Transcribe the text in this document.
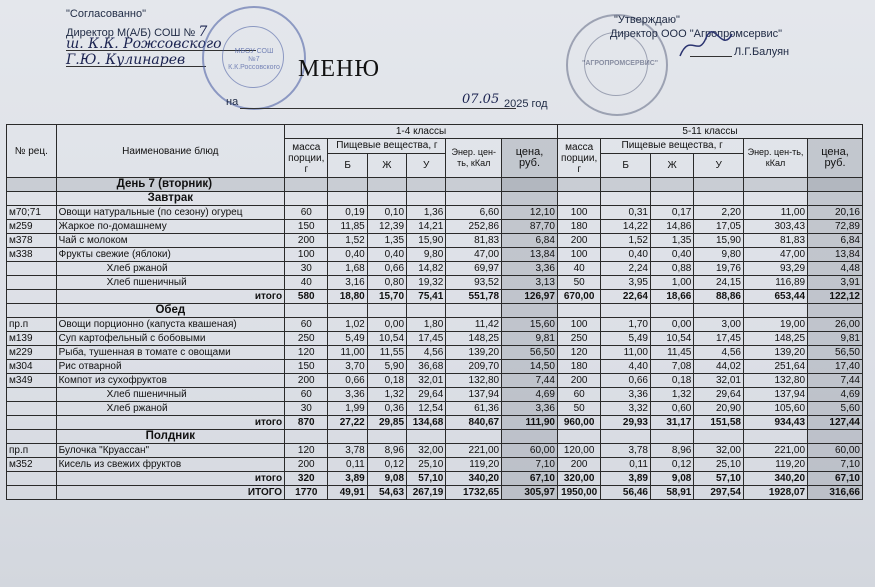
"Согласованно"
Директор М(А/Б) СОШ № 7
ш. К.К. Рожсовского
Г.Ю. Кулинарев
МБОУ СОШ №7 К.К.Россовского МЕНЮ
на	07.05 2025 год
"АГРОПРОМСЕРВИС"
"Утверждаю"
Директор ООО "Агропромсервис"
Л.Г.Балуян
№ рец.	Наименование блюд	1-4 классы						5-11 классы					
		масса порции, г	Пищевые вещества, г			Энер. цен-ть, кКал	цена, руб.	масса порции, г	Пищевые вещества, г			Энер. цен-ть, кКал	цена, руб.
			Б	Ж	У				Б	Ж	У		
	День 7 (вторник)												
	Завтрак												
м70;71	Овощи натуральные (по сезону) огурец	60	0,19	0,10	1,36	6,60	12,10	100	0,31	0,17	2,20	11,00	20,16
м259	Жаркое по-домашнему	150	11,85	12,39	14,21	252,86	87,70	180	14,22	14,86	17,05	303,43	72,89
м378	Чай с молоком	200	1,52	1,35	15,90	81,83	6,84	200	1,52	1,35	15,90	81,83	6,84
м338	Фрукты свежие (яблоки)	100	0,40	0,40	9,80	47,00	13,84	100	0,40	0,40	9,80	47,00	13,84
	Хлеб ржаной	30	1,68	0,66	14,82	69,97	3,36	40	2,24	0,88	19,76	93,29	4,48
	Хлеб пшеничный	40	3,16	0,80	19,32	93,52	3,13	50	3,95	1,00	24,15	116,89	3,91
	итого	580	18,80	15,70	75,41	551,78	126,97	670,00	22,64	18,66	88,86	653,44	122,12
	Обед												
пр.п	Овощи порционно (капуста квашеная)	60	1,02	0,00	1,80	11,42	15,60	100	1,70	0,00	3,00	19,00	26,00
м139	Суп картофельный с бобовыми	250	5,49	10,54	17,45	148,25	9,81	250	5,49	10,54	17,45	148,25	9,81
м229	Рыба, тушенная в томате с овощами	120	11,00	11,55	4,56	139,20	56,50	120	11,00	11,45	4,56	139,20	56,50
м304	Рис отварной	150	3,70	5,90	36,68	209,70	14,50	180	4,40	7,08	44,02	251,64	17,40
м349	Компот из сухофруктов	200	0,66	0,18	32,01	132,80	7,44	200	0,66	0,18	32,01	132,80	7,44
	Хлеб пшеничный	60	3,36	1,32	29,64	137,94	4,69	60	3,36	1,32	29,64	137,94	4,69
	Хлеб ржаной	30	1,99	0,36	12,54	61,36	3,36	50	3,32	0,60	20,90	105,60	5,60
	итого	870	27,22	29,85	134,68	840,67	111,90	960,00	29,93	31,17	151,58	934,43	127,44
	Полдник												
пр.п	Булочка "Круассан"	120	3,78	8,96	32,00	221,00	60,00	120,00	3,78	8,96	32,00	221,00	60,00
м352	Кисель из свежих фруктов	200	0,11	0,12	25,10	119,20	7,10	200	0,11	0,12	25,10	119,20	7,10
	итого	320	3,89	9,08	57,10	340,20	67,10	320,00	3,89	9,08	57,10	340,20	67,10
	ИТОГО	1770	49,91	54,63	267,19	1732,65	305,97	1950,00	56,46	58,91	297,54	1928,07	316,66
